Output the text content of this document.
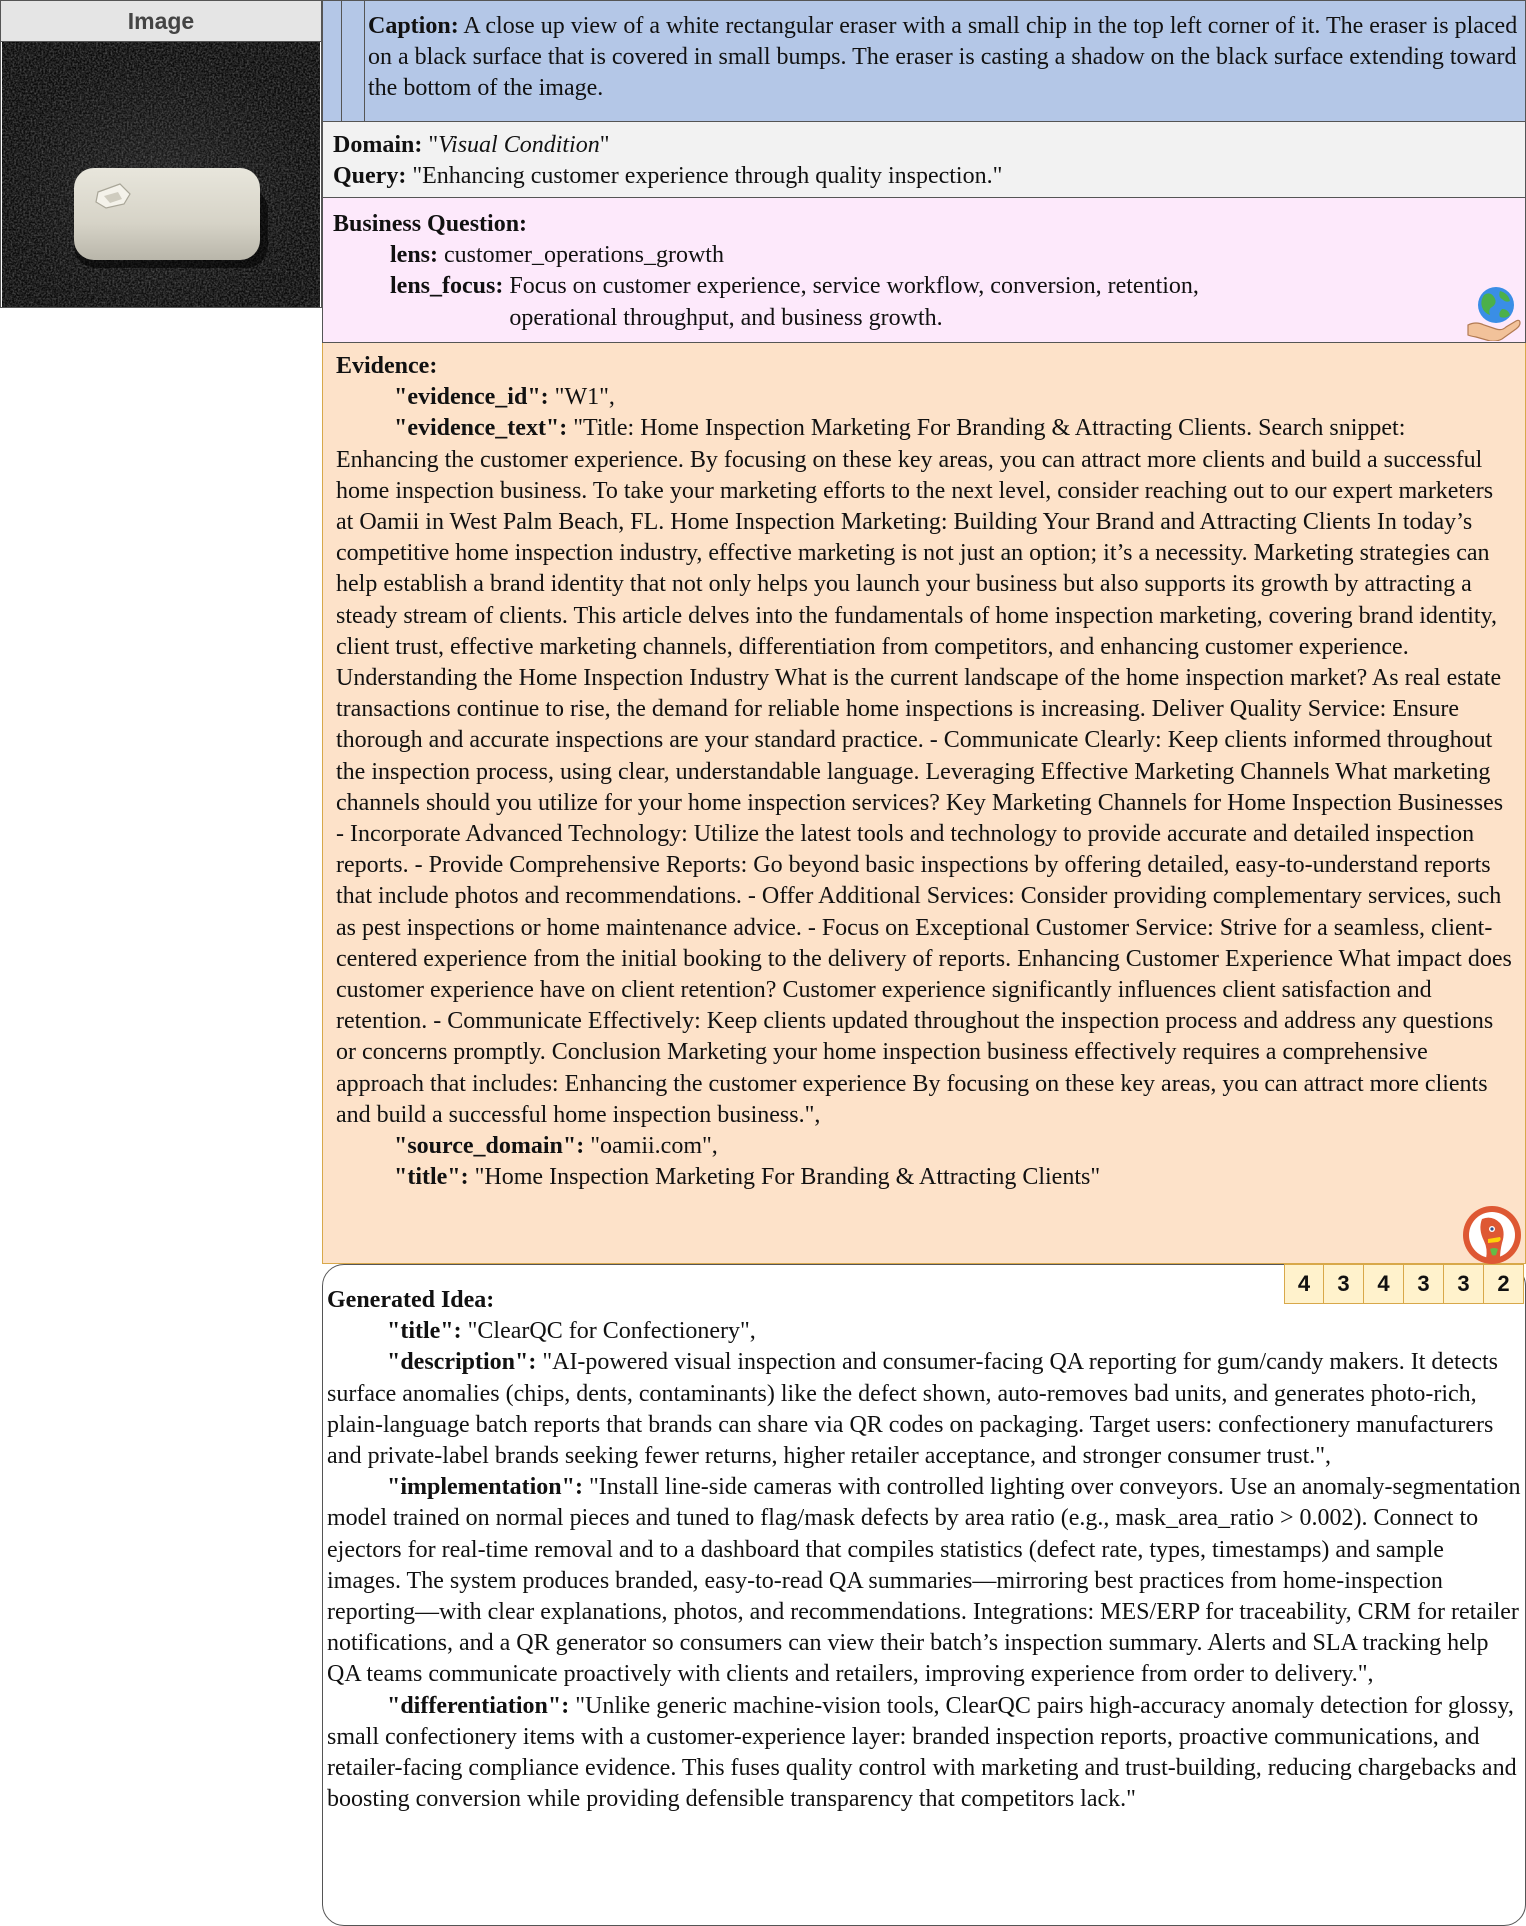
Image	Caption: A close up view of a white rectangular eraser with a small chip in the top left corner of it. The eraser is placed on a black surface that is covered in small bumps. The eraser is casting a shadow on the black surface extending toward the bottom of the image.
Domain: "Visual Condition"
Query: "Enhancing customer experience through quality inspection."
Business Question:
lens: customer_operations_growth
lens_focus:
Focus on customer experience, service workflow, conversion, retention, operational throughput, and business growth.
Evidence:
"evidence_id": "W1",
"evidence_text": "Title: Home Inspection Marketing For Branding & Attracting Clients. Search snippet: Enhancing the customer experience. By focusing on these key areas, you can attract more clients and build a successful home inspection business. To take your marketing efforts to the next level, consider reaching out to our expert marketers at Oamii in West Palm Beach, FL. Home Inspection Marketing: Building Your Brand and Attracting Clients In today’s competitive home inspection industry, effective marketing is not just an option; it’s a necessity. Marketing strategies can help establish a brand identity that not only helps you launch your business but also supports its growth by attracting a steady stream of clients. This article delves into the fundamentals of home inspection marketing, covering brand identity, client trust, effective marketing channels, differentiation from competitors, and enhancing customer experience. Understanding the Home Inspection Industry What is the current landscape of the home inspection market? As real estate transactions continue to rise, the demand for reliable home inspections is increasing. Deliver Quality Service: Ensure thorough and accurate inspections are your standard practice. - Communicate Clearly: Keep clients informed throughout the inspection process, using clear, understandable language. Leveraging Effective Marketing Channels What marketing channels should you utilize for your home inspection services? Key Marketing Channels for Home Inspection Businesses - Incorporate Advanced Technology: Utilize the latest tools and technology to provide accurate and detailed inspection reports. - Provide Comprehensive Reports: Go beyond basic inspections by offering detailed, easy-to-understand reports that include photos and recommendations. - Offer Additional Services: Consider providing complementary services, such as pest inspections or home maintenance advice. - Focus on Exceptional Customer Service: Strive for a seamless, client-centered experience from the initial booking to the delivery of reports. Enhancing Customer Experience What impact does customer experience have on client retention? Customer experience significantly influences client satisfaction and retention. - Communicate Effectively: Keep clients updated throughout the inspection process and address any questions or concerns promptly. Conclusion Marketing your home inspection business effectively requires a comprehensive approach that includes: Enhancing the customer experience By focusing on these key areas, you can attract more clients and build a successful home inspection business.",
"source_domain": "oamii.com",
"title": "Home Inspection Marketing For Branding & Attracting Clients"
Generated Idea:
"title": "ClearQC for Confectionery",
"description": "AI-powered visual inspection and consumer-facing QA reporting for gum/candy makers. It detects surface anomalies (chips, dents, contaminants) like the defect shown, auto-removes bad units, and generates photo-rich, plain-language batch reports that brands can share via QR codes on packaging. Target users: confectionery manufacturers and private-label brands seeking fewer returns, higher retailer acceptance, and stronger consumer trust.",
"implementation": "Install line-side cameras with controlled lighting over conveyors. Use an anomaly-segmentation model trained on normal pieces and tuned to flag/mask defects by area ratio (e.g., mask_area_ratio > 0.002). Connect to ejectors for real-time removal and to a dashboard that compiles statistics (defect rate, types, timestamps) and sample images. The system produces branded, easy-to-read QA summaries—mirroring best practices from home-inspection reporting—with clear explanations, photos, and recommendations. Integrations: MES/ERP for traceability, CRM for retailer notifications, and a QR generator so consumers can view their batch’s inspection summary. Alerts and SLA tracking help QA teams communicate proactively with clients and retailers, improving experience from order to delivery.",
"differentiation": "Unlike generic machine-vision tools, ClearQC pairs high-accuracy anomaly detection for glossy, small confectionery items with a customer-experience layer: branded inspection reports, proactive communications, and retailer-facing compliance evidence. This fuses quality control with marketing and trust-building, reducing chargebacks and boosting conversion while providing defensible transparency that competitors lack."
4	3	4	3	3	2
